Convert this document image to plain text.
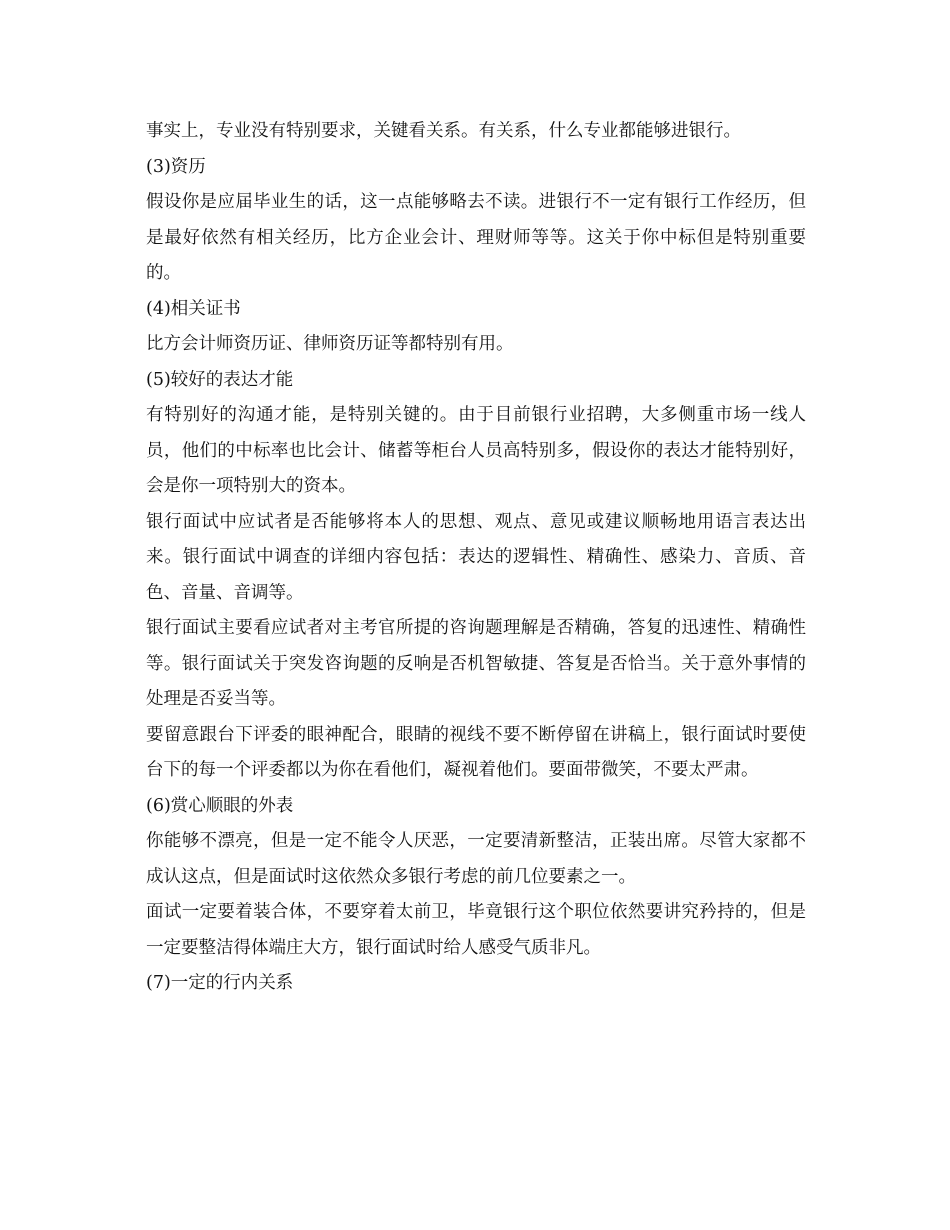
事实上，专业没有特别要求，关键看关系。有关系，什么专业都能够进银行。

(3)资历

假设你是应届毕业生的话，这一点能够略去不读。进银行不一定有银行工作经历，但是最好依然有相关经历，比方企业会计、理财师等等。这关于你中标但是特别重要的。

(4)相关证书

比方会计师资历证、律师资历证等都特别有用。

(5)较好的表达才能

有特别好的沟通才能，是特别关键的。由于目前银行业招聘，大多侧重市场一线人员，他们的中标率也比会计、储蓄等柜台人员高特别多，假设你的表达才能特别好，会是你一项特别大的资本。

银行面试中应试者是否能够将本人的思想、观点、意见或建议顺畅地用语言表达出来。银行面试中调查的详细内容包括：表达的逻辑性、精确性、感染力、音质、音色、音量、音调等。

银行面试主要看应试者对主考官所提的咨询题理解是否精确，答复的迅速性、精确性等。银行面试关于突发咨询题的反响是否机智敏捷、答复是否恰当。关于意外事情的处理是否妥当等。

要留意跟台下评委的眼神配合，眼睛的视线不要不断停留在讲稿上，银行面试时要使台下的每一个评委都以为你在看他们，凝视着他们。要面带微笑，不要太严肃。

(6)赏心顺眼的外表

你能够不漂亮，但是一定不能令人厌恶，一定要清新整洁，正装出席。尽管大家都不成认这点，但是面试时这依然众多银行考虑的前几位要素之一。

面试一定要着装合体，不要穿着太前卫，毕竟银行这个职位依然要讲究矜持的，但是一定要整洁得体端庄大方，银行面试时给人感受气质非凡。

(7)一定的行内关系
